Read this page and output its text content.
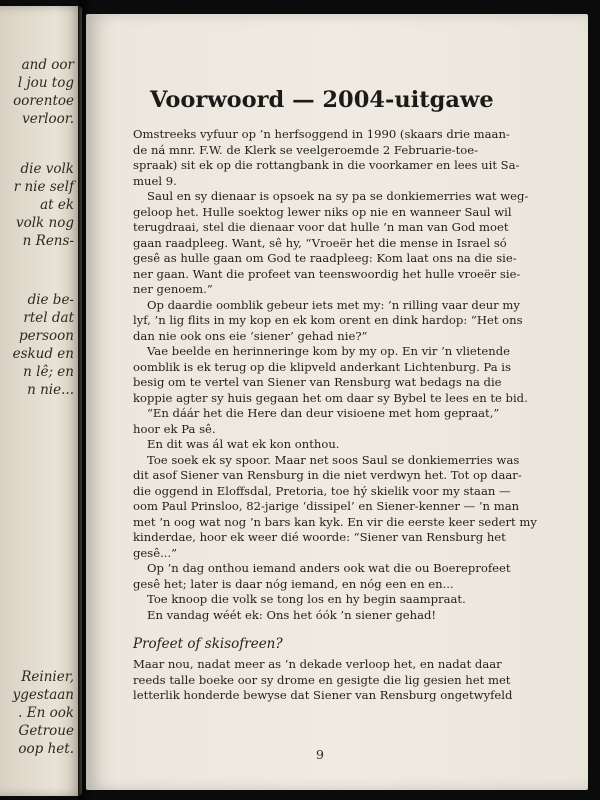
and oor
l jou tog
oorentoe
verloor.
die volk
r nie self
at ek
volk nog
n Rens-
die be-
rtel dat
persoon
eskud en
n lê; en
n nie...
Reinier,
ygestaan
. En ook
Getroue
oop het.
Voorwoord — 2004-uitgawe
Omstreeks vyfuur op ’n herfsoggend in 1990 (skaars drie maan-
de ná mnr. F.W. de Klerk se veelgeroemde 2 Februarie-toe-
spraak) sit ek op die rottangbank in die voorkamer en lees uit Sa-
muel 9.
Saul en sy dienaar is opsoek na sy pa se donkiemerries wat weg-
geloop het. Hulle soektog lewer niks op nie en wanneer Saul wil
terugdraai, stel die dienaar voor dat hulle ’n man van God moet
gaan raadpleeg. Want, sê hy, “Vroeër het die mense in Israel só
gesê as hulle gaan om God te raadpleeg: Kom laat ons na die sie-
ner gaan. Want die profeet van teenswoordig het hulle vroeër sie-
ner genoem.”
Op daardie oomblik gebeur iets met my: ’n rilling vaar deur my
lyf, ’n lig flits in my kop en ek kom orent en dink hardop: “Het ons
dan nie ook ons eie ‘siener’ gehad nie?”
Vae beelde en herinneringe kom by my op. En vir ’n vlietende
oomblik is ek terug op die klipveld anderkant Lichtenburg. Pa is
besig om te vertel van Siener van Rensburg wat bedags na die
koppie agter sy huis gegaan het om daar sy Bybel te lees en te bid.
“En dáár het die Here dan deur visioene met hom gepraat,”
hoor ek Pa sê.
En dit was ál wat ek kon onthou.
Toe soek ek sy spoor. Maar net soos Saul se donkiemerries was
dit asof Siener van Rensburg in die niet verdwyn het. Tot op daar-
die oggend in Eloffsdal, Pretoria, toe hý skielik voor my staan —
oom Paul Prinsloo, 82-jarige ‘dissipel’ en Siener-kenner — ’n man
met ’n oog wat nog ’n bars kan kyk. En vir die eerste keer sedert my
kinderdae, hoor ek weer dié woorde: “Siener van Rensburg het
gesê...”
Op ’n dag onthou iemand anders ook wat die ou Boereprofeet
gesê het; later is daar nóg iemand, en nóg een en en...
Toe knoop die volk se tong los en hy begin saampraat.
En vandag wéét ek: Ons het óók ’n siener gehad!
Profeet of skisofreen?
Maar nou, nadat meer as ’n dekade verloop het, en nadat daar
reeds talle boeke oor sy drome en gesigte die lig gesien het met
letterlik honderde bewyse dat Siener van Rensburg ongetwyfeld
9
